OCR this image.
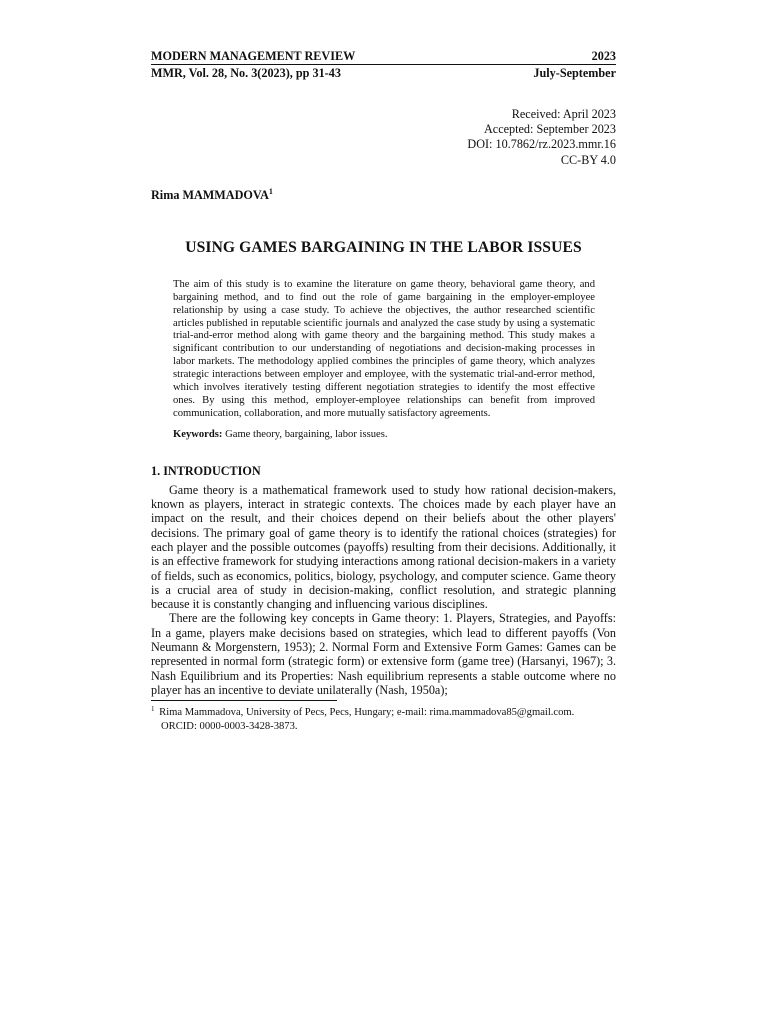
MODERN MANAGEMENT REVIEW	2023
MMR, Vol. 28, No. 3(2023), pp 31-43	July-September
Received: April 2023
Accepted: September 2023
DOI: 10.7862/rz.2023.mmr.16
CC-BY 4.0
Rima MAMMADOVA$^1$
USING GAMES BARGAINING IN THE LABOR ISSUES
The aim of this study is to examine the literature on game theory, behavioral game theory, and bargaining method, and to find out the role of game bargaining in the employer-employee relationship by using a case study. To achieve the objectives, the author researched scientific articles published in reputable scientific journals and analyzed the case study by using a systematic trial-and-error method along with game theory and the bargaining method. This study makes a significant contribution to our understanding of negotiations and decision-making processes in labor markets. The methodology applied combines the principles of game theory, which analyzes strategic interactions between employer and employee, with the systematic trial-and-error method, which involves iteratively testing different negotiation strategies to identify the most effective ones. By using this method, employer-employee relationships can benefit from improved communication, collaboration, and more mutually satisfactory agreements.
Keywords: Game theory, bargaining, labor issues.
1. INTRODUCTION

Game theory is a mathematical framework used to study how rational decision-makers, known as players, interact in strategic contexts. The choices made by each player have an impact on the result, and their choices depend on their beliefs about the other players' decisions. The primary goal of game theory is to identify the rational choices (strategies) for each player and the possible outcomes (payoffs) resulting from their decisions. Additionally, it is an effective framework for studying interactions among rational decision-makers in a variety of fields, such as economics, politics, biology, psychology, and computer science. Game theory is a crucial area of study in decision-making, conflict resolution, and strategic planning because it is constantly changing and influencing various disciplines.

There are the following key concepts in Game theory: 1. Players, Strategies, and Payoffs: In a game, players make decisions based on strategies, which lead to different payoffs (Von Neumann & Morgenstern, 1953); 2. Normal Form and Extensive Form Games: Games can be represented in normal form (strategic form) or extensive form (game tree) (Harsanyi, 1967); 3. Nash Equilibrium and its Properties: Nash equilibrium represents a stable outcome where no player has an incentive to deviate unilaterally (Nash, 1950a);

$^1$ Rima Mammadova, University of Pecs, Pecs, Hungary; e-mail: rima.mammadova85@gmail.com.
ORCID: 0000-0003-3428-3873.
